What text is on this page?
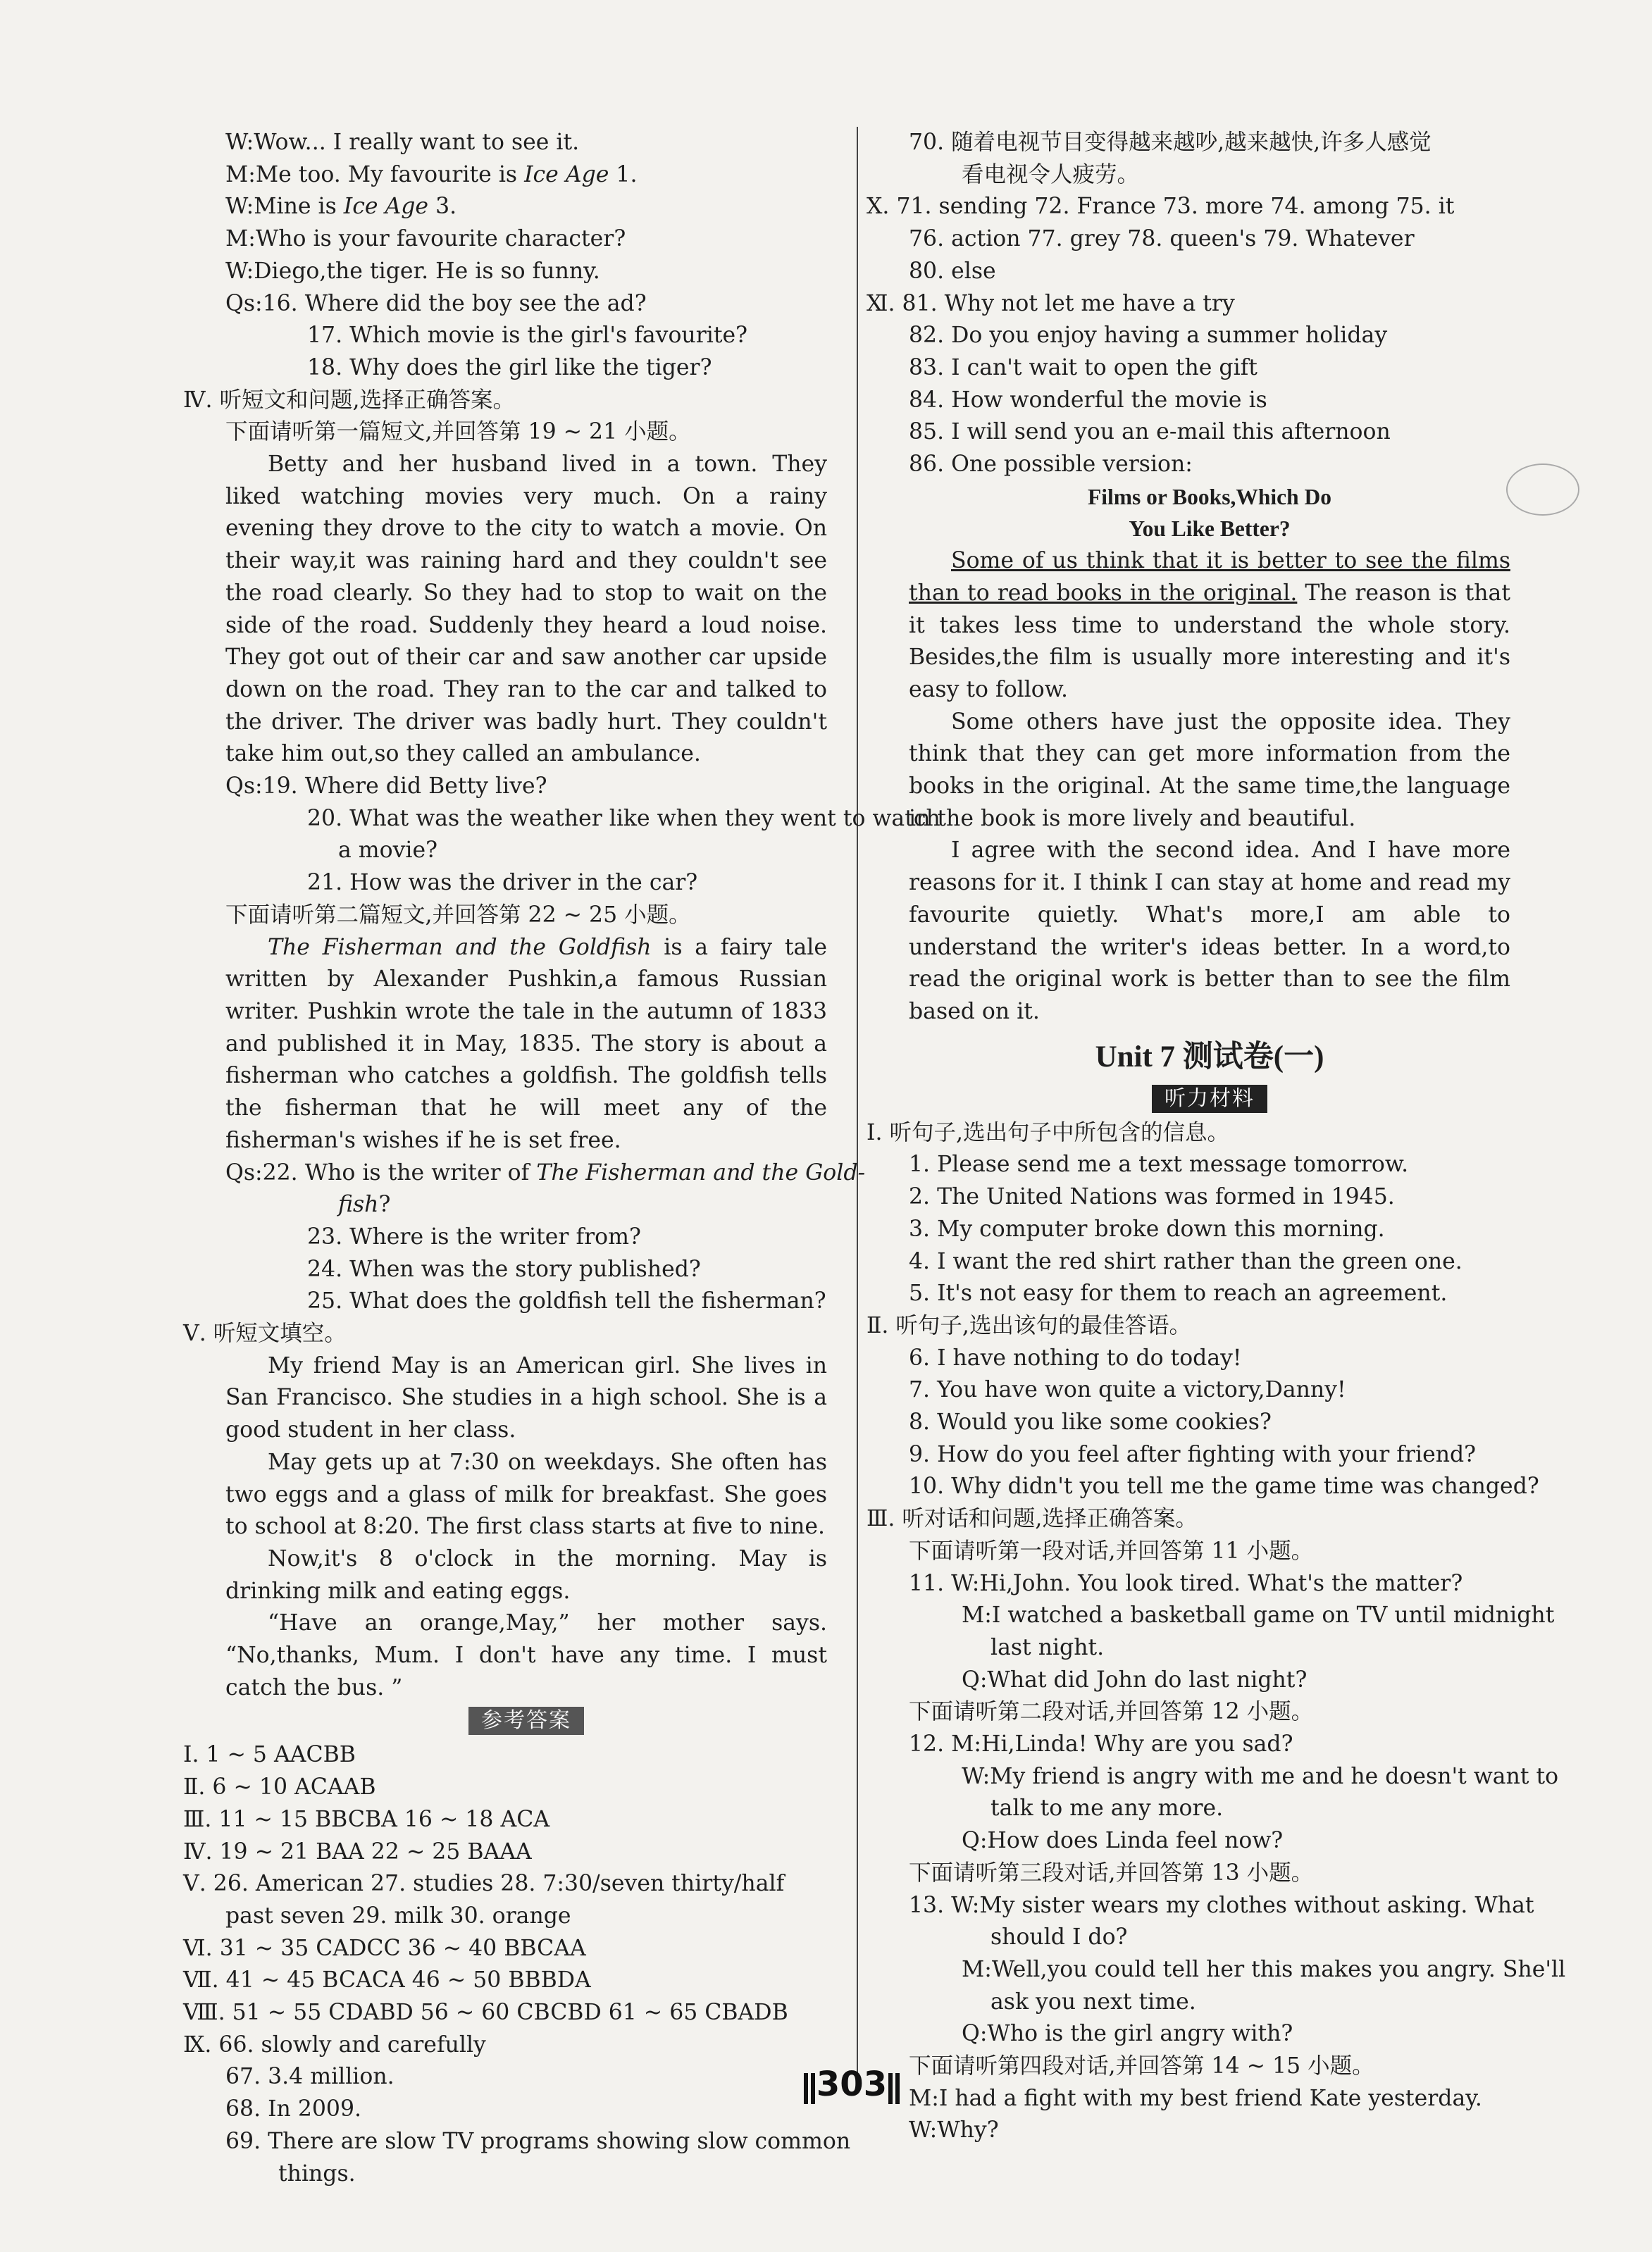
W:Wow... I really want to see it.
M:Me too. My favourite is Ice Age 1.
W:Mine is Ice Age 3.
M:Who is your favourite character?
W:Diego,the tiger. He is so funny.
Qs:16. Where did the boy see the ad?
17. Which movie is the girl's favourite?
18. Why does the girl like the tiger?
Ⅳ. 听短文和问题,选择正确答案。
下面请听第一篇短文,并回答第 19 ~ 21 小题。
Betty and her husband lived in a town. They liked watching movies very much. On a rainy evening they drove to the city to watch a movie. On their way,it was raining hard and they couldn't see the road clearly. So they had to stop to wait on the side of the road. Suddenly they heard a loud noise. They got out of their car and saw another car upside down on the road. They ran to the car and talked to the driver. The driver was badly hurt. They couldn't take him out,so they called an ambulance.
Qs:19. Where did Betty live?
20. What was the weather like when they went to watch
a movie?
21. How was the driver in the car?
下面请听第二篇短文,并回答第 22 ~ 25 小题。
The Fisherman and the Goldfish is a fairy tale written by Alexander Pushkin,a famous Russian writer. Pushkin wrote the tale in the autumn of 1833 and published it in May, 1835. The story is about a fisherman who catches a goldfish. The goldfish tells the fisherman that he will meet any of the fisherman's wishes if he is set free.
Qs:22. Who is the writer of The Fisherman and the Gold-
fish?
23. Where is the writer from?
24. When was the story published?
25. What does the goldfish tell the fisherman?
Ⅴ. 听短文填空。
My friend May is an American girl. She lives in San Francisco. She studies in a high school. She is a good student in her class.
May gets up at 7:30 on weekdays. She often has two eggs and a glass of milk for breakfast. She goes to school at 8:20. The first class starts at five to nine.
Now,it's 8 o'clock in the morning. May is drinking milk and eating eggs.
“Have an orange,May,” her mother says. “No,thanks, Mum. I don't have any time. I must catch the bus. ”
参考答案
Ⅰ. 1 ~ 5 AACBB
Ⅱ. 6 ~ 10 ACAAB
Ⅲ. 11 ~ 15 BBCBA 16 ~ 18 ACA
Ⅳ. 19 ~ 21 BAA 22 ~ 25 BAAA
Ⅴ. 26. American 27. studies 28. 7:30/seven thirty/half
past seven 29. milk 30. orange
Ⅵ. 31 ~ 35 CADCC 36 ~ 40 BBCAA
Ⅶ. 41 ~ 45 BCACA 46 ~ 50 BBBDA
Ⅷ. 51 ~ 55 CDABD 56 ~ 60 CBCBD 61 ~ 65 CBADB
Ⅸ. 66. slowly and carefully
67. 3.4 million.
68. In 2009.
69. There are slow TV programs showing slow common
things.
70. 随着电视节目变得越来越吵,越来越快,许多人感觉
看电视令人疲劳。
Ⅹ. 71. sending 72. France 73. more 74. among 75. it
76. action 77. grey 78. queen's 79. Whatever
80. else
Ⅺ. 81. Why not let me have a try
82. Do you enjoy having a summer holiday
83. I can't wait to open the gift
84. How wonderful the movie is
85. I will send you an e-mail this afternoon
86. One possible version:
Films or Books,Which Do
You Like Better?
Some of us think that it is better to see the films than to read books in the original. The reason is that it takes less time to understand the whole story. Besides,the film is usually more interesting and it's easy to follow.
Some others have just the opposite idea. They think that they can get more information from the books in the original. At the same time,the language in the book is more lively and beautiful.
I agree with the second idea. And I have more reasons for it. I think I can stay at home and read my favourite quietly. What's more,I am able to understand the writer's ideas better. In a word,to read the original work is better than to see the film based on it.
Unit 7 测试卷(一)
听力材料
Ⅰ. 听句子,选出句子中所包含的信息。
1. Please send me a text message tomorrow.
2. The United Nations was formed in 1945.
3. My computer broke down this morning.
4. I want the red shirt rather than the green one.
5. It's not easy for them to reach an agreement.
Ⅱ. 听句子,选出该句的最佳答语。
6. I have nothing to do today!
7. You have won quite a victory,Danny!
8. Would you like some cookies?
9. How do you feel after fighting with your friend?
10. Why didn't you tell me the game time was changed?
Ⅲ. 听对话和问题,选择正确答案。
下面请听第一段对话,并回答第 11 小题。
11. W:Hi,John. You look tired. What's the matter?
M:I watched a basketball game on TV until midnight
last night.
Q:What did John do last night?
下面请听第二段对话,并回答第 12 小题。
12. M:Hi,Linda! Why are you sad?
W:My friend is angry with me and he doesn't want to
talk to me any more.
Q:How does Linda feel now?
下面请听第三段对话,并回答第 13 小题。
13. W:My sister wears my clothes without asking. What
should I do?
M:Well,you could tell her this makes you angry. She'll
ask you next time.
Q:Who is the girl angry with?
下面请听第四段对话,并回答第 14 ~ 15 小题。
M:I had a fight with my best friend Kate yesterday.
W:Why?
303
